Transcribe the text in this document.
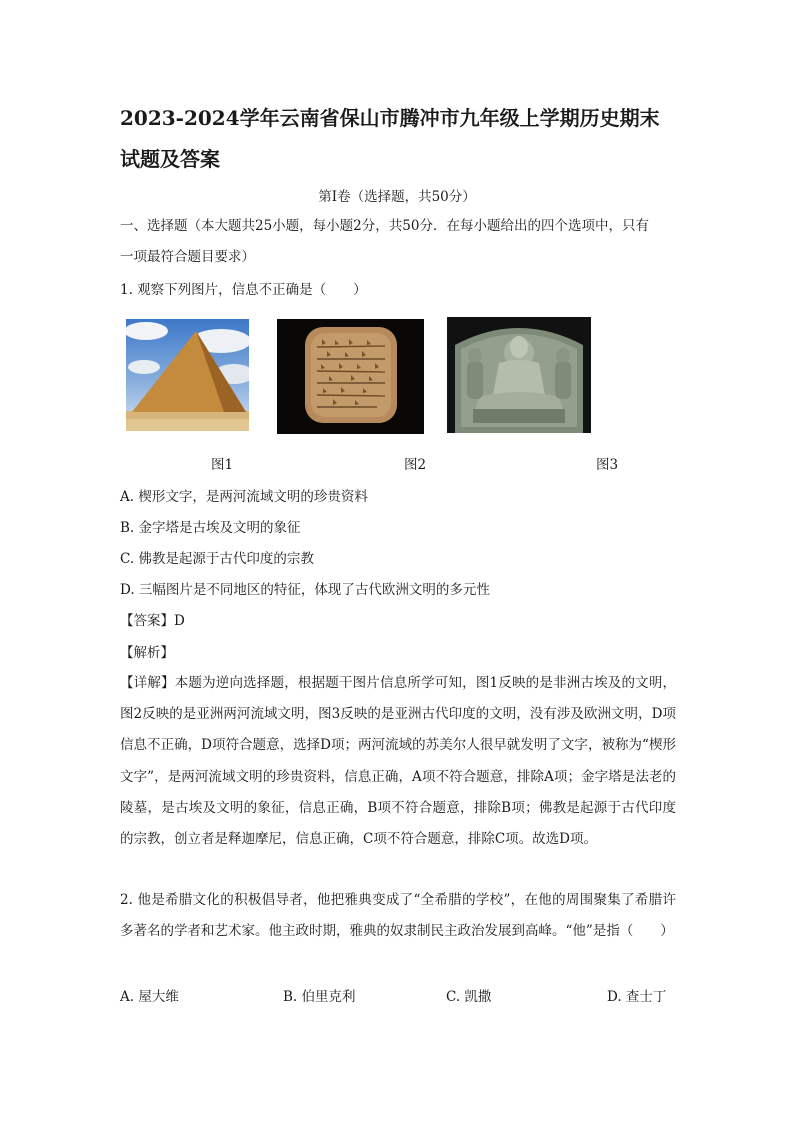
2023-2024学年云南省保山市腾冲市九年级上学期历史期末
试题及答案
第Ⅰ卷（选择题，共50分）
一、选择题（本大题共25小题，每小题2分，共50分．在每小题给出的四个选项中，只有
一项最符合题目要求）
1. 观察下列图片，信息不正确是（　　）
图1	图2	图3
A. 楔形文字，是两河流域文明的珍贵资料
B. 金字塔是古埃及文明的象征
C. 佛教是起源于古代印度的宗教
D. 三幅图片是不同地区的特征，体现了古代欧洲文明的多元性
【答案】D
【解析】
【详解】本题为逆向选择题，根据题干图片信息所学可知，图1反映的是非洲古埃及的文明，图2反映的是亚洲两河流域文明，图3反映的是亚洲古代印度的文明，没有涉及欧洲文明，D项信息不正确，D项符合题意，选择D项；两河流域的苏美尔人很早就发明了文字，被称为“楔形文字”，是两河流域文明的珍贵资料，信息正确，A项不符合题意，排除A项；金字塔是法老的陵墓，是古埃及文明的象征，信息正确，B项不符合题意，排除B项；佛教是起源于古代印度的宗教，创立者是释迦摩尼，信息正确，C项不符合题意，排除C项。故选D项。
2. 他是希腊文化的积极倡导者，他把雅典变成了“全希腊的学校”，在他的周围聚集了希腊许多著名的学者和艺术家。他主政时期，雅典的奴隶制民主政治发展到高峰。“他”是指（　　）
A. 屋大维	B. 伯里克利	C. 凯撒	D. 查士丁
